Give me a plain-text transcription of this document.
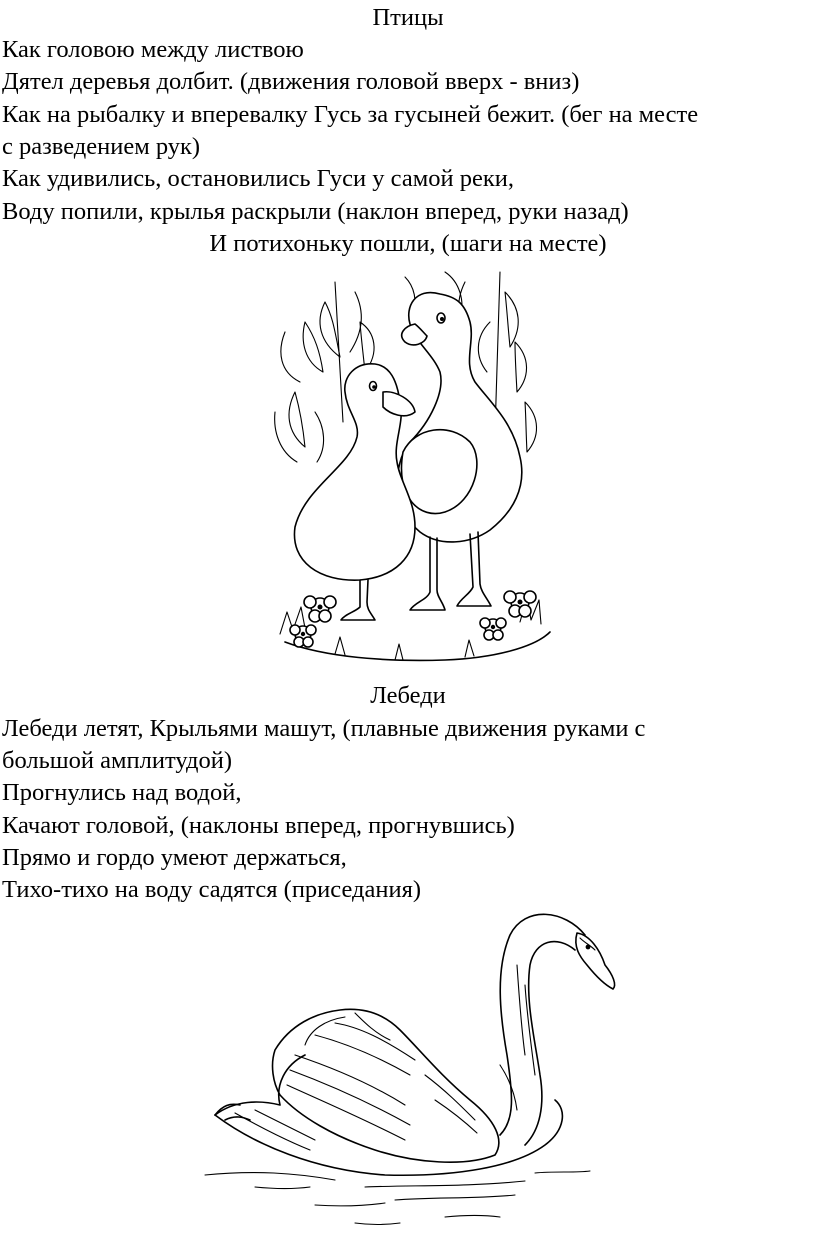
Птицы
Как головою между листвою
Дятел деревья долбит. (движения головой вверх - вниз)
Как на рыбалку и вперевалку Гусь за гусыней бежит. (бег на месте
с разведением рук)
Как удивились, остановились Гуси у самой реки,
Воду попили, крылья раскрыли (наклон вперед, руки назад)
И потихоньку пошли, (шаги на месте)
Лебеди
Лебеди летят, Крыльями машут, (плавные движения руками с
большой амплитудой)
Прогнулись над водой,
Качают головой, (наклоны вперед, прогнувшись)
Прямо и гордо умеют держаться,
Тихо-тихо на воду садятся (приседания)
